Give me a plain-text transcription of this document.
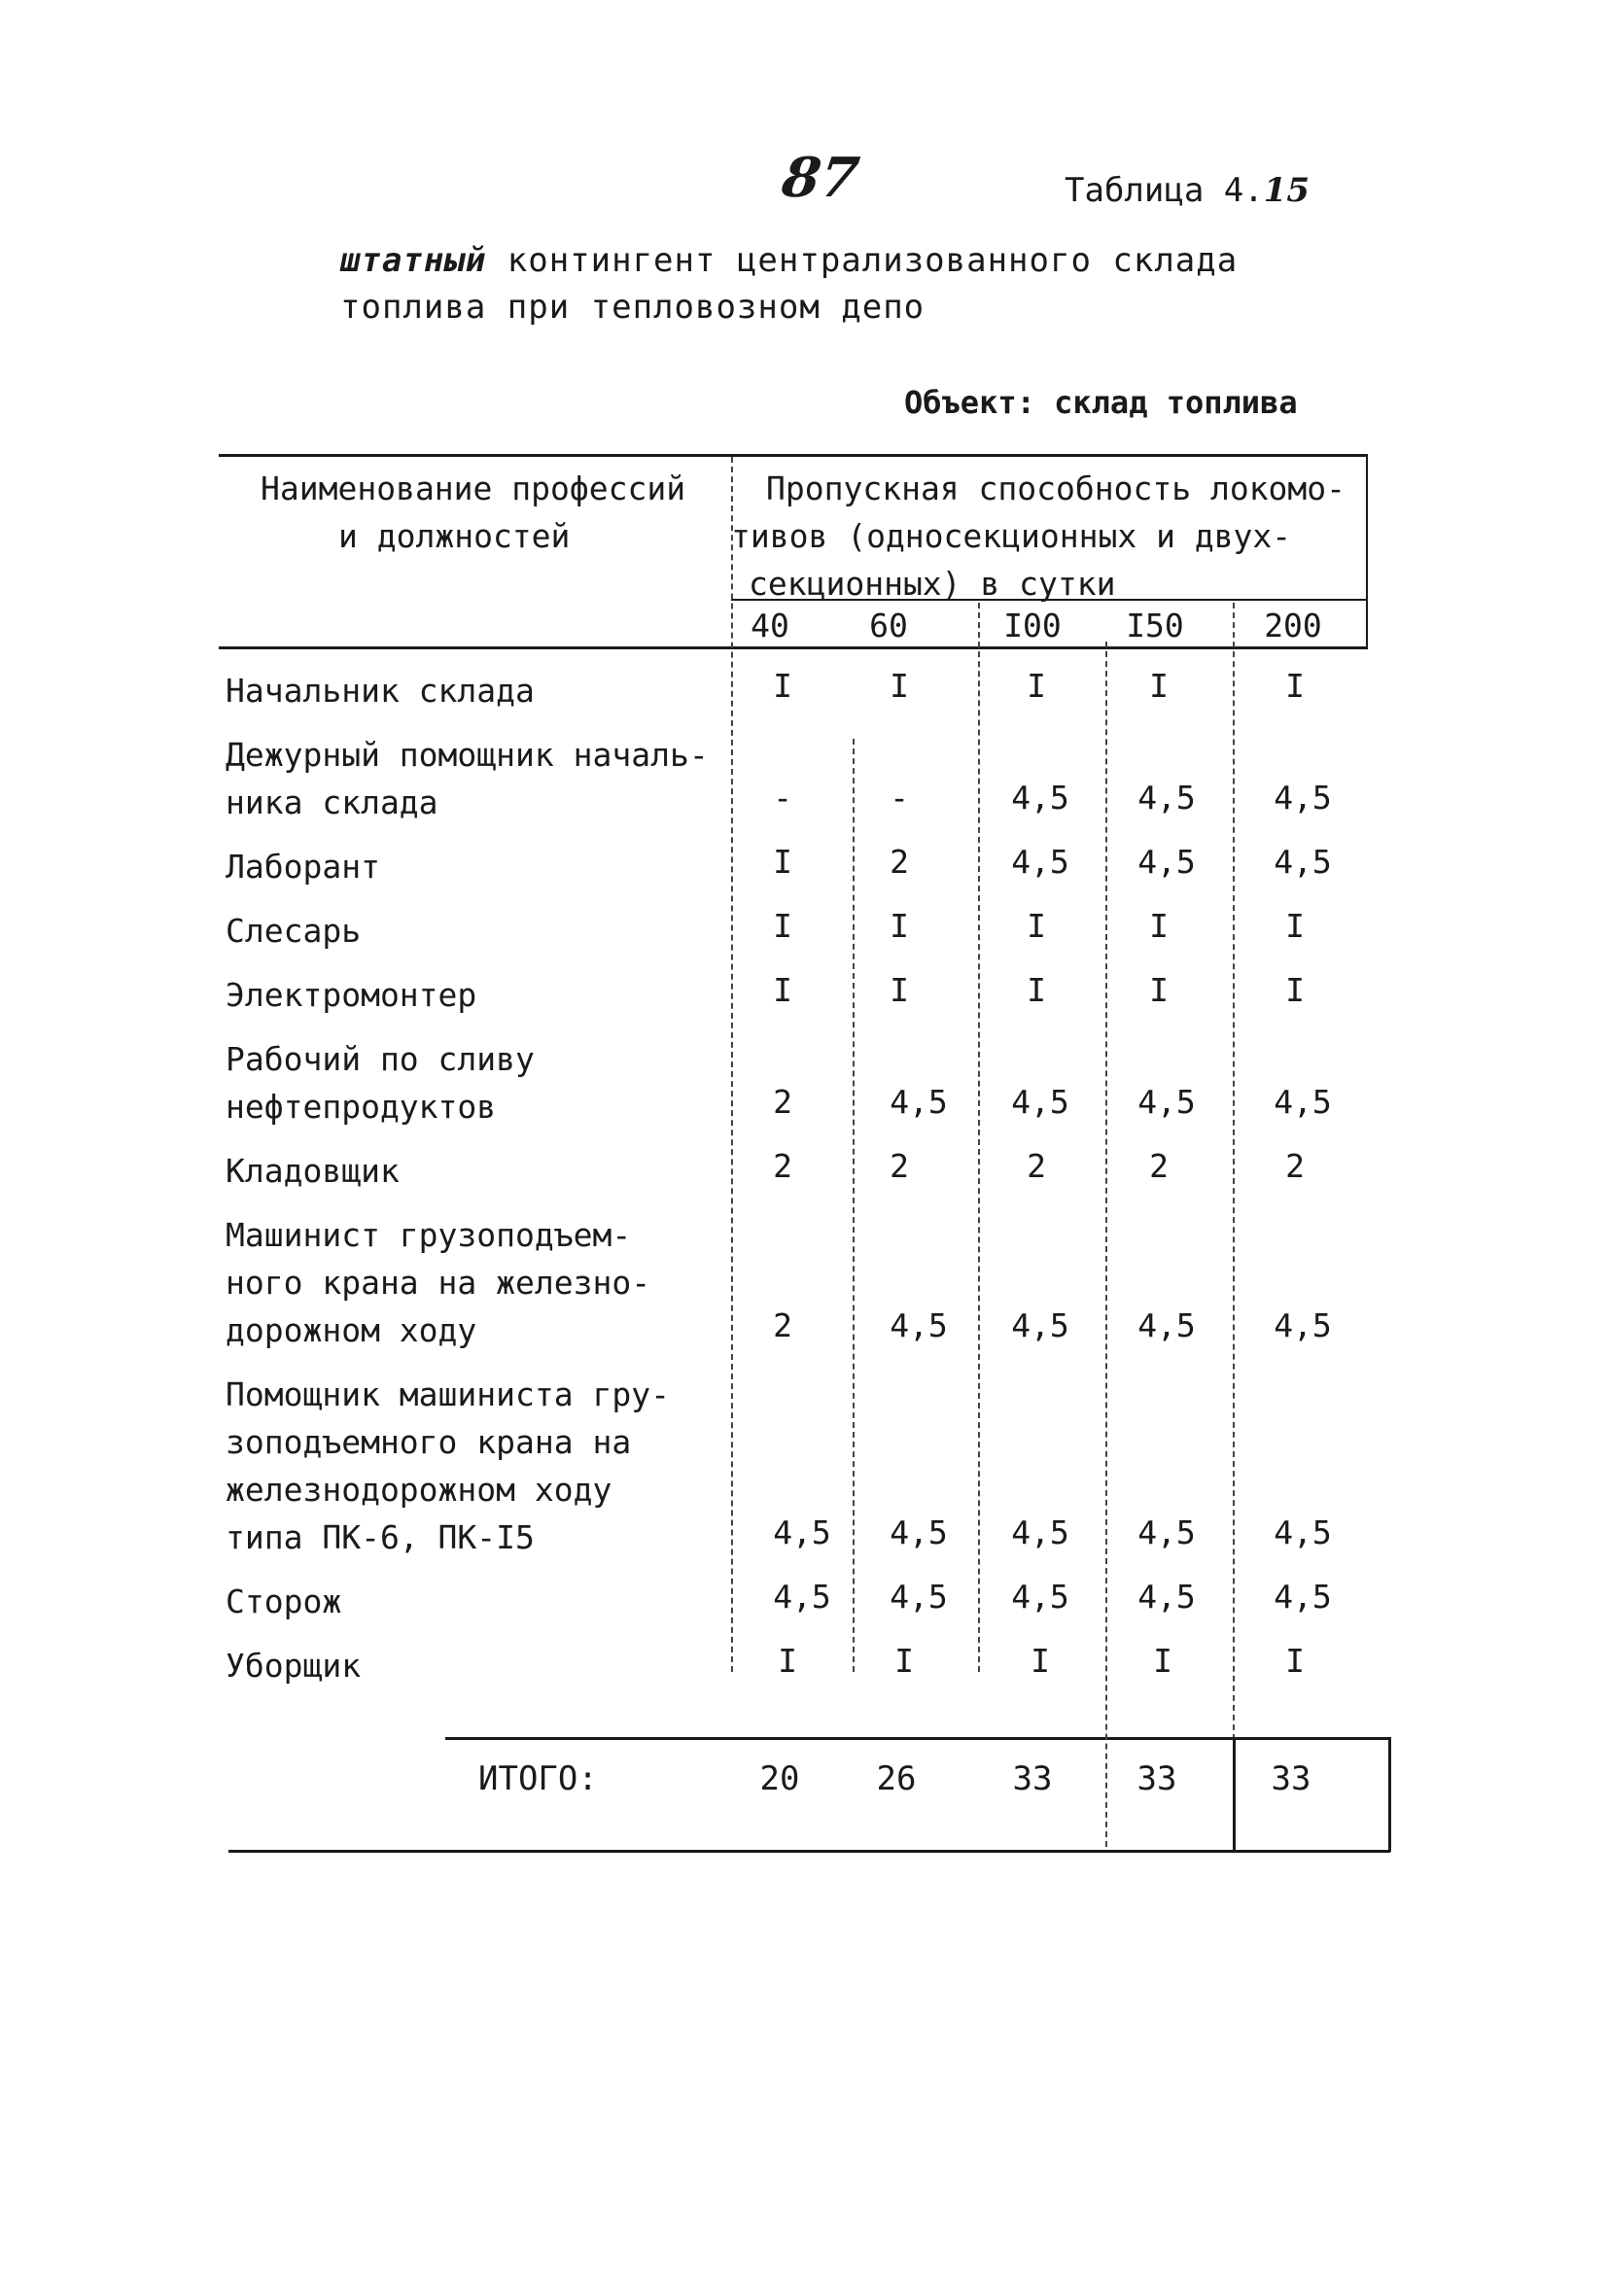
87	Таблица 4.15
штатный контингент централизованного склада
топлива при тепловозном депо
Объект: склад топлива
Наименование профессий
и должностей
Пропускная способность локомо-
тивов (односекционных и двух-
секционных) в сутки
40	60	I00	I50	200
Начальник склада	I	I	I	I	I
Дежурный помощник началь-
ника склада	-	-	4,5	4,5	4,5
Лаборант	I	2	4,5	4,5	4,5
Слесарь	I	I	I	I	I
Электромонтер	I	I	I	I	I
Рабочий по сливу
нефтепродуктов	2	4,5	4,5	4,5	4,5
Кладовщик	2	2	2	2	2
Машинист грузоподъем-
ного крана на железно-
дорожном ходу	2	4,5	4,5	4,5	4,5
Помощник машиниста гру-
зоподъемного крана на
железнодорожном ходу
типа ПК-6, ПК-I5	4,5	4,5	4,5	4,5	4,5
Сторож	4,5	4,5	4,5	4,5	4,5
Уборщик	I	I	I	I	I
ИТОГО:	20	26	33	33	33
